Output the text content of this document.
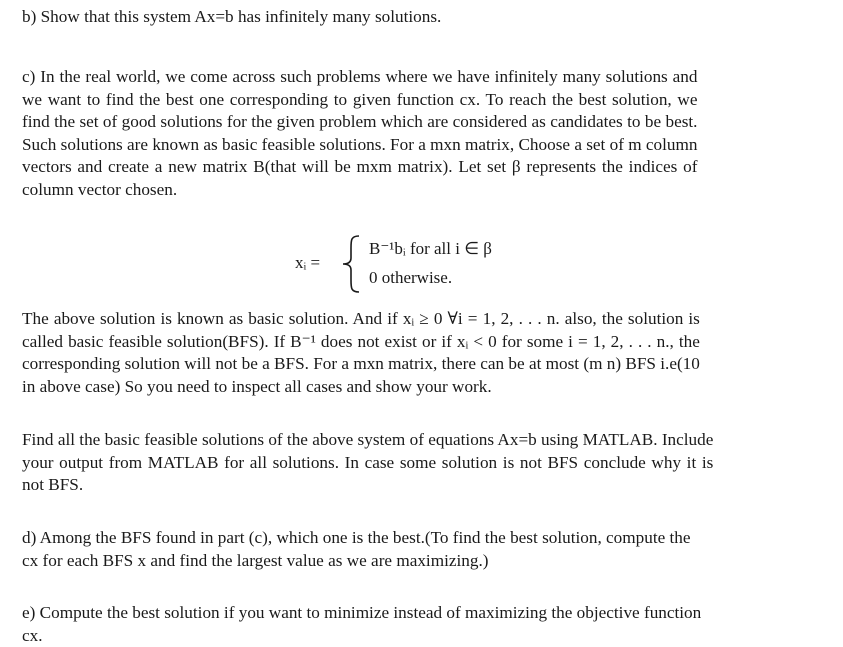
b) Show that this system Ax=b has infinitely many solutions.

c) In the real world, we come across such problems where we have infinitely many solutions and
we want to find the best one corresponding to given function cx. To reach the best solution, we
find the set of good solutions for the given problem which are considered as candidates to be best.
Such solutions are known as basic feasible solutions. For a mxn matrix, Choose a set of m column
vectors and create a new matrix B(that will be mxm matrix). Let set β represents the indices of
column vector chosen.

xᵢ =
B⁻¹bᵢ for all i ∈ β
0 otherwise.

The above solution is known as basic solution. And if xᵢ ≥ 0 ∀i = 1, 2, . . . n. also, the solution is
called basic feasible solution(BFS). If B⁻¹ does not exist or if xᵢ < 0 for some i = 1, 2, . . . n., the
corresponding solution will not be a BFS. For a mxn matrix, there can be at most (m n) BFS i.e(10
in above case) So you need to inspect all cases and show your work.

Find all the basic feasible solutions of the above system of equations Ax=b using MATLAB. Include
your output from MATLAB for all solutions. In case some solution is not BFS conclude why it is
not BFS.

d) Among the BFS found in part (c), which one is the best.(To find the best solution, compute the
cx for each BFS x and find the largest value as we are maximizing.)

e) Compute the best solution if you want to minimize instead of maximizing the objective function
cx.
